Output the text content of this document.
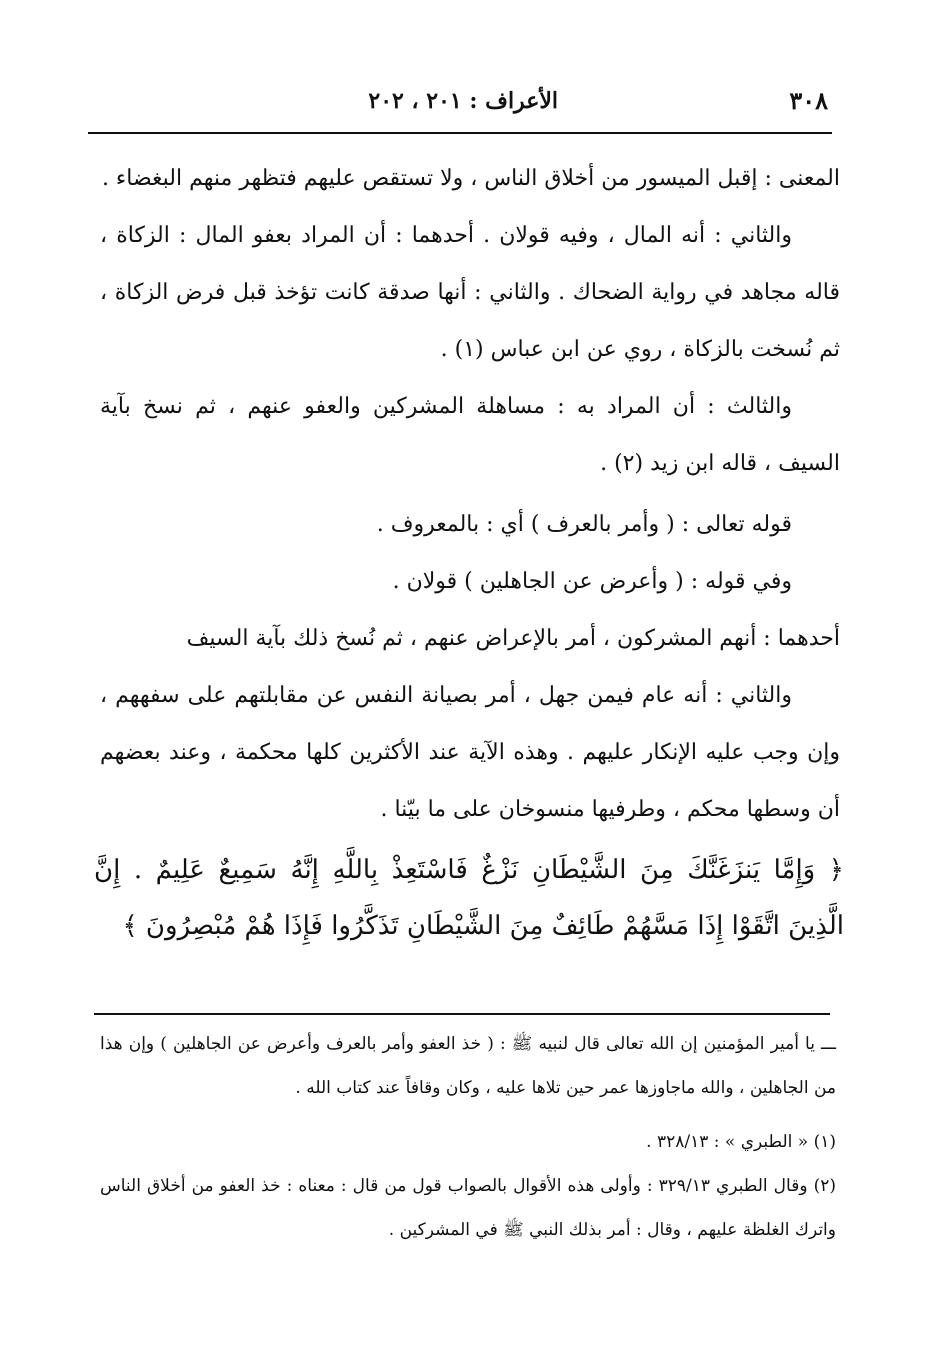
٣٠٨
الأعراف : ٢٠١ ، ٢٠٢

المعنى : إقبل الميسور من أخلاق الناس ، ولا تستقص عليهم فتظهر منهم البغضاء .

والثاني : أنه المال ، وفيه قولان . أحدهما : أن المراد بعفو المال : الزكاة ، قاله مجاهد في رواية الضحاك . والثاني : أنها صدقة كانت تؤخذ قبل فرض الزكاة ، ثم نُسخت بالزكاة ، روي عن ابن عباس (١) .

والثالث : أن المراد به : مساهلة المشركين والعفو عنهم ، ثم نسخ بآية السيف ، قاله ابن زيد (٢) .

قوله تعالى : ( وأمر بالعرف ) أي : بالمعروف .

وفي قوله : ( وأعرض عن الجاهلين ) قولان .

أحدهما : أنهم المشركون ، أمر بالإعراض عنهم ، ثم نُسخ ذلك بآية السيف

والثاني : أنه عام فيمن جهل ، أمر بصيانة النفس عن مقابلتهم على سفههم ، وإن وجب عليه الإنكار عليهم . وهذه الآية عند الأكثرين كلها محكمة ، وعند بعضهم أن وسطها محكم ، وطرفيها منسوخان على ما بيّنا .

﴿ وَإِمَّا يَنزَغَنَّكَ مِنَ الشَّيْطَانِ نَزْغٌ فَاسْتَعِذْ بِاللَّهِ إِنَّهُ سَمِيعٌ عَلِيمٌ . إِنَّ الَّذِينَ اتَّقَوْا إِذَا مَسَّهُمْ طَائِفٌ مِنَ الشَّيْطَانِ تَذَكَّرُوا فَإِذَا هُمْ مُبْصِرُونَ ﴾

ـــ يا أمير المؤمنين إن الله تعالى قال لنبيه ﷺ : ( خذ العفو وأمر بالعرف وأعرض عن الجاهلين ) وإن هذا من الجاهلين ، والله ماجاوزها عمر حين تلاها عليه ، وكان وقافاً عند كتاب الله .

(١) « الطبري » : ٣٢٨/١٣ .

(٢) وقال الطبري ٣٢٩/١٣ : وأولى هذه الأقوال بالصواب قول من قال : معناه : خذ العفو من أخلاق الناس واترك الغلظة عليهم ، وقال : أمر بذلك النبي ﷺ في المشركين .
